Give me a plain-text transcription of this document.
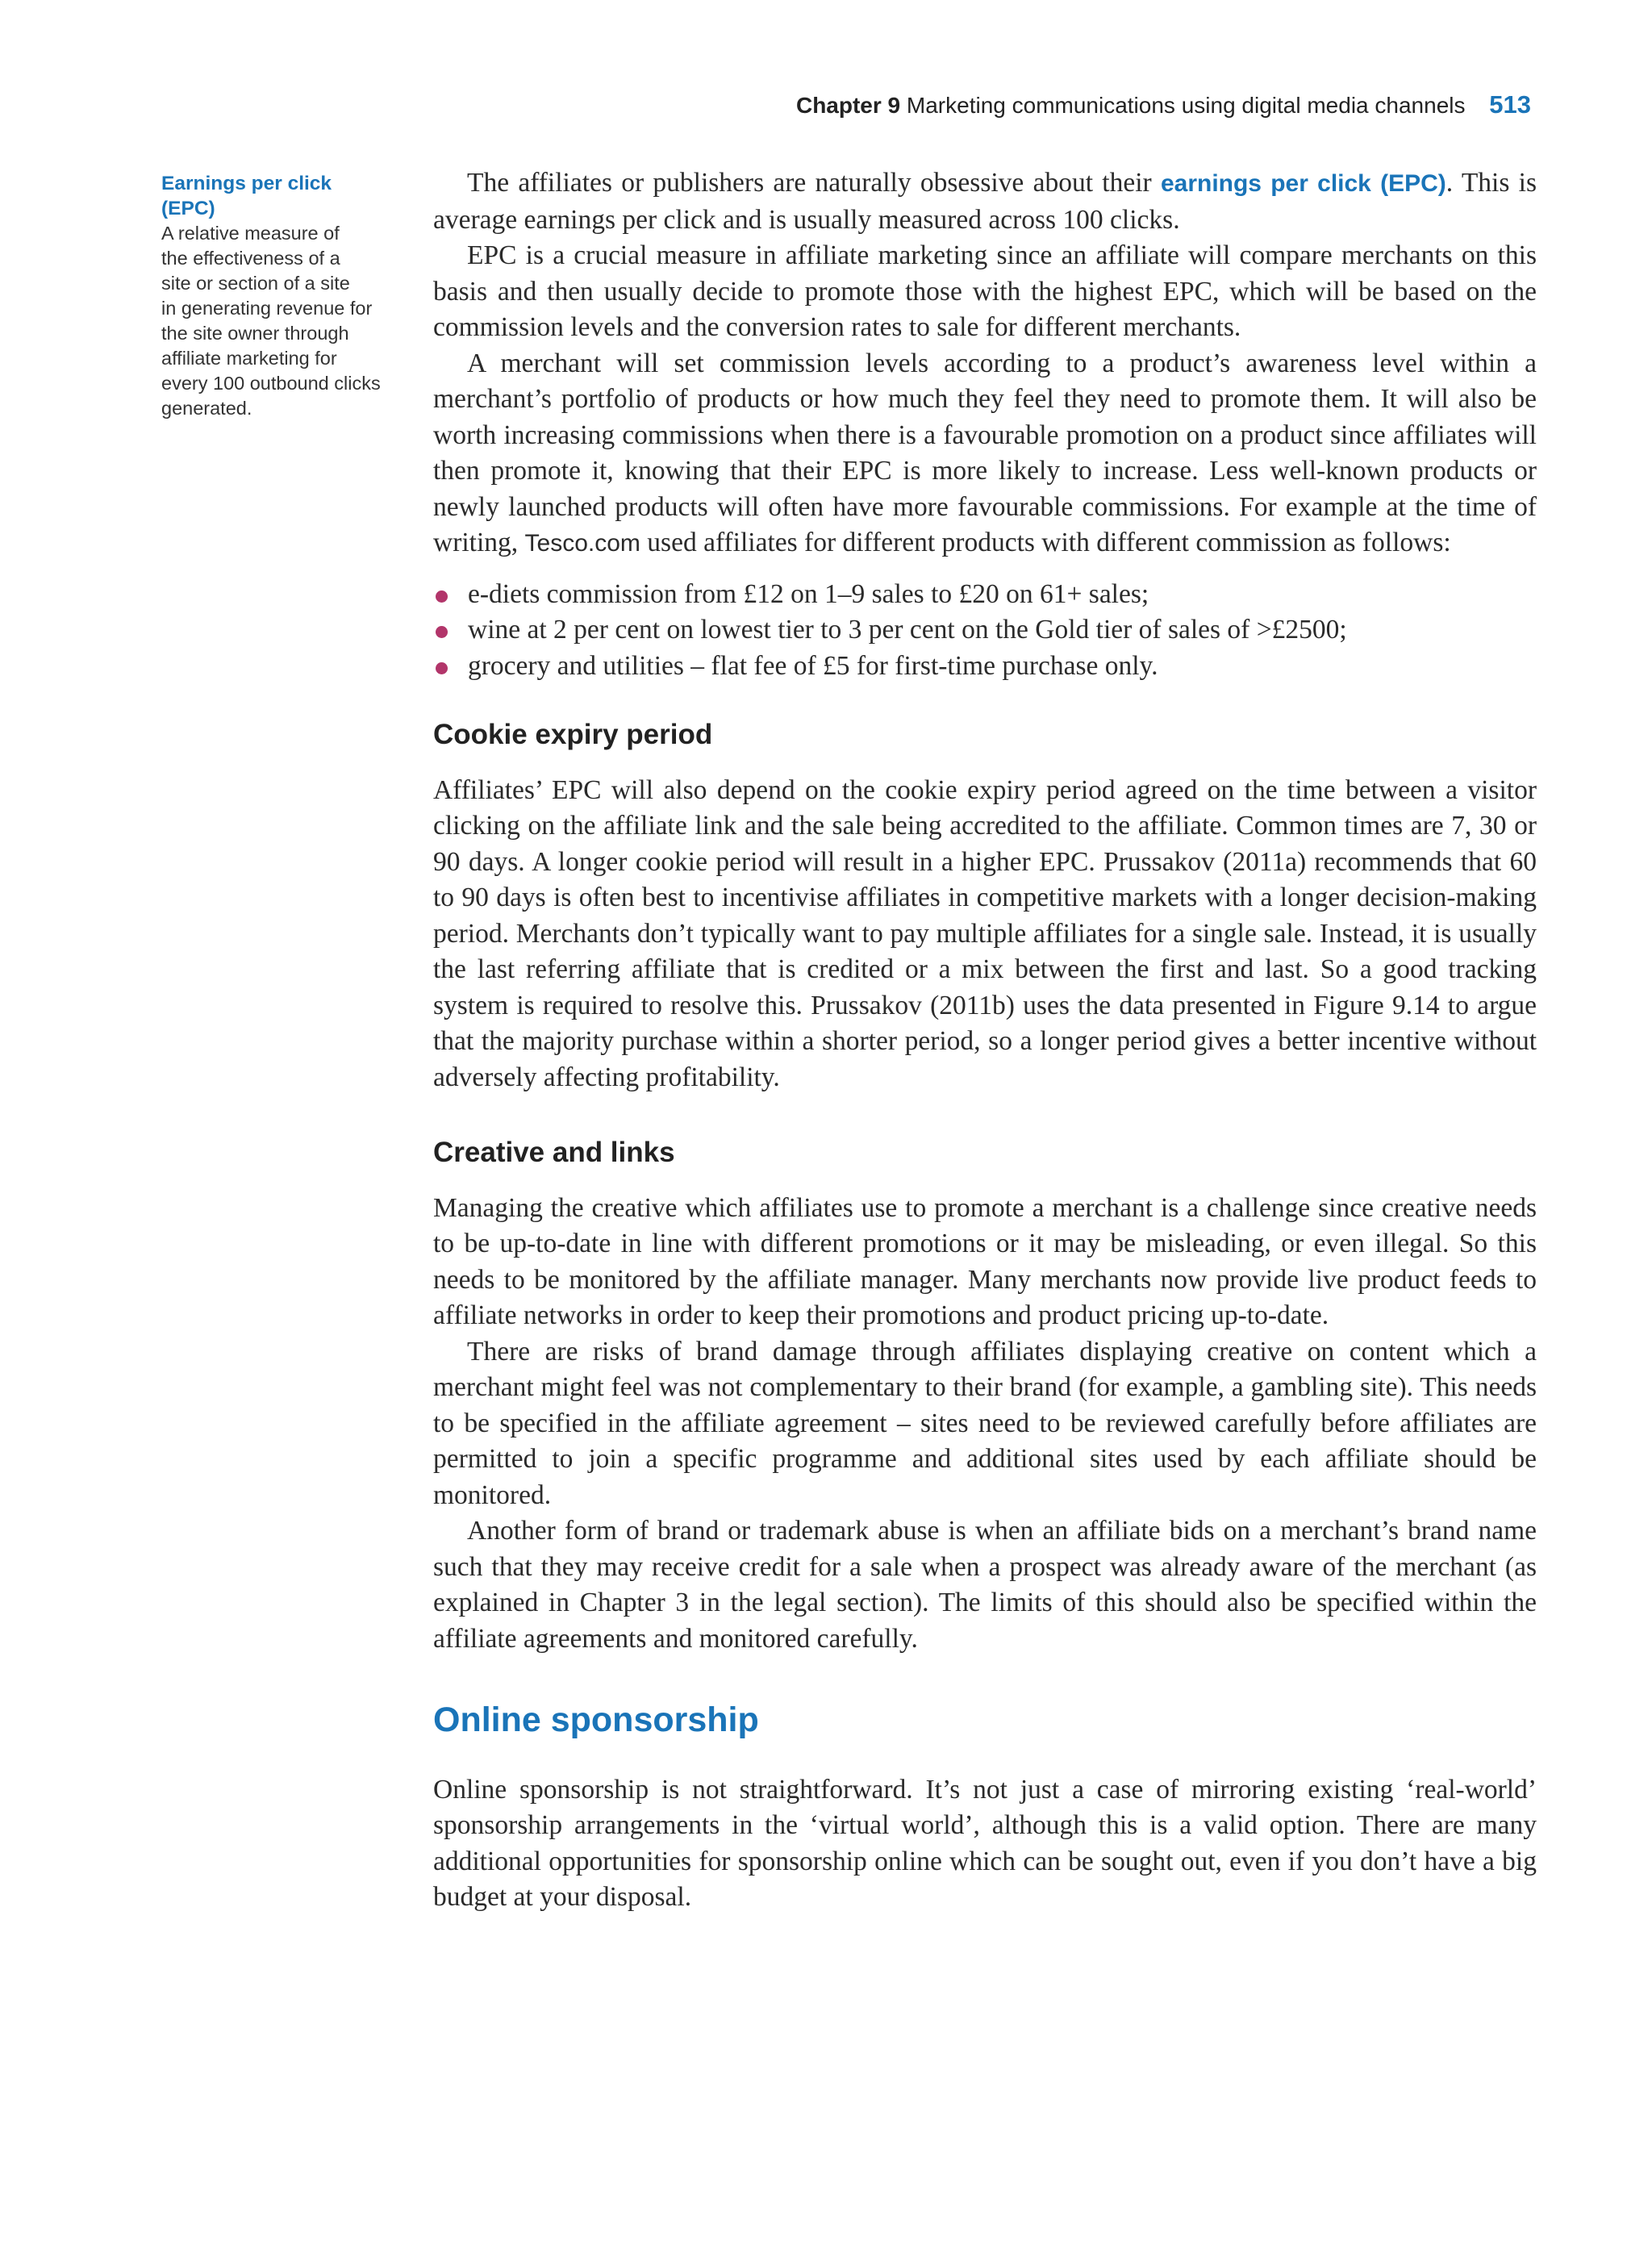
Chapter 9 Marketing communications using digital media channels 513
Earnings per click
(EPC)
A relative measure of
the effectiveness of a
site or section of a site
in generating revenue for
the site owner through
affiliate marketing for
every 100 outbound clicks
generated.

The affiliates or publishers are naturally obsessive about their earnings per click (EPC). This is average earnings per click and is usually measured across 100 clicks.

EPC is a crucial measure in affiliate marketing since an affiliate will compare merchants on this basis and then usually decide to promote those with the highest EPC, which will be based on the commission levels and the conversion rates to sale for different merchants.

A merchant will set commission levels according to a product’s awareness level within a merchant’s portfolio of products or how much they feel they need to promote them. It will also be worth increasing commissions when there is a favourable promotion on a product since affiliates will then promote it, knowing that their EPC is more likely to increase. Less well-known products or newly launched products will often have more favourable commissions. For example at the time of writing, Tesco.com used affiliates for different products with different commission as follows:

e-diets commission from £12 on 1–9 sales to £20 on 61+ sales;
wine at 2 per cent on lowest tier to 3 per cent on the Gold tier of sales of >£2500;
grocery and utilities – flat fee of £5 for first-time purchase only.
Cookie expiry period

Affiliates’ EPC will also depend on the cookie expiry period agreed on the time between a visitor clicking on the affiliate link and the sale being accredited to the affiliate. Common times are 7, 30 or 90 days. A longer cookie period will result in a higher EPC. Prussakov (2011a) recommends that 60 to 90 days is often best to incentivise affiliates in competitive markets with a longer decision-making period. Merchants don’t typically want to pay multiple affiliates for a single sale. Instead, it is usually the last referring affiliate that is credited or a mix between the first and last. So a good tracking system is required to resolve this. Prussakov (2011b) uses the data presented in Figure 9.14 to argue that the majority purchase within a shorter period, so a longer period gives a better incentive without adversely affecting profitability.

Creative and links

Managing the creative which affiliates use to promote a merchant is a challenge since creative needs to be up-to-date in line with different promotions or it may be misleading, or even illegal. So this needs to be monitored by the affiliate manager. Many merchants now provide live product feeds to affiliate networks in order to keep their promotions and product pricing up-to-date.

There are risks of brand damage through affiliates displaying creative on content which a merchant might feel was not complementary to their brand (for example, a gambling site). This needs to be specified in the affiliate agreement – sites need to be reviewed carefully before affiliates are permitted to join a specific programme and additional sites used by each affiliate should be monitored.

Another form of brand or trademark abuse is when an affiliate bids on a merchant’s brand name such that they may receive credit for a sale when a prospect was already aware of the merchant (as explained in Chapter 3 in the legal section). The limits of this should also be specified within the affiliate agreements and monitored carefully.

Online sponsorship

Online sponsorship is not straightforward. It’s not just a case of mirroring existing ‘real-world’ sponsorship arrangements in the ‘virtual world’, although this is a valid option. There are many additional opportunities for sponsorship online which can be sought out, even if you don’t have a big budget at your disposal.
